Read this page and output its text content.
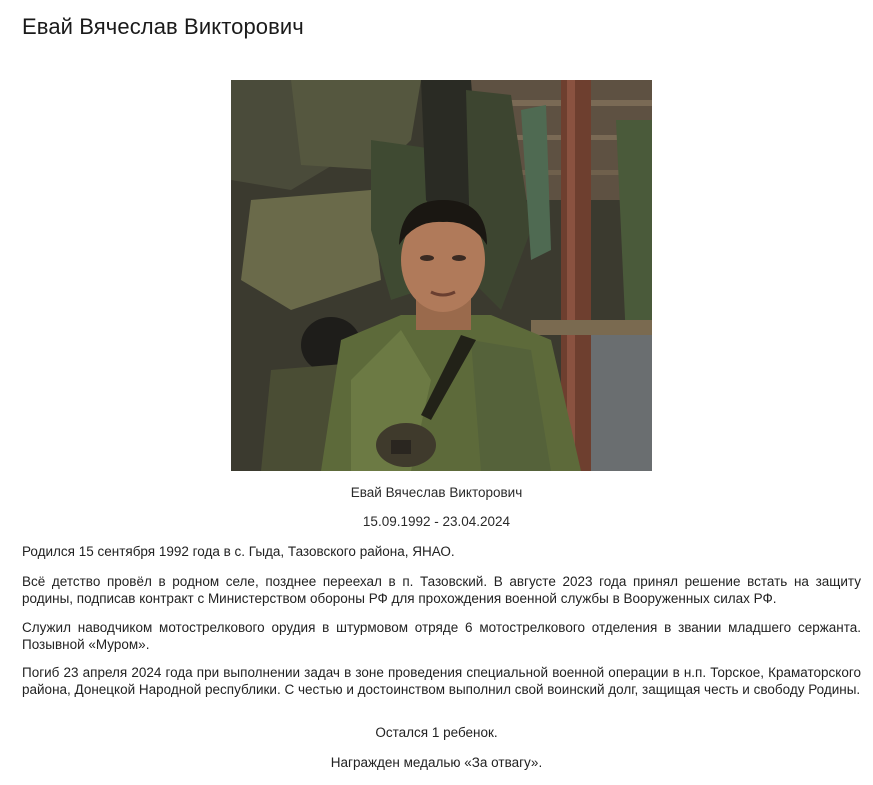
Евай Вячеслав Викторович

Евай Вячеслав Викторович

15.09.1992 - 23.04.2024

Родился 15 сентября 1992 года в с. Гыда, Тазовского района, ЯНАО.

Всё детство провёл в родном селе, позднее переехал в п. Тазовский. В августе 2023 года принял решение встать на защиту родины, подписав контракт с Министерством обороны РФ для прохождения военной службы в Вооруженных силах РФ.

Служил наводчиком мотострелкового орудия в штурмовом отряде 6 мотострелкового отделения в звании младшего сержанта. Позывной «Муром».

Погиб 23 апреля 2024 года при выполнении задач в зоне проведения специальной военной операции в н.п. Торское, Краматорского района, Донецкой Народной республики. С честью и достоинством выполнил свой воинский долг, защищая честь и свободу Родины.

Остался 1 ребенок.

Награжден медалью «За отвагу».
